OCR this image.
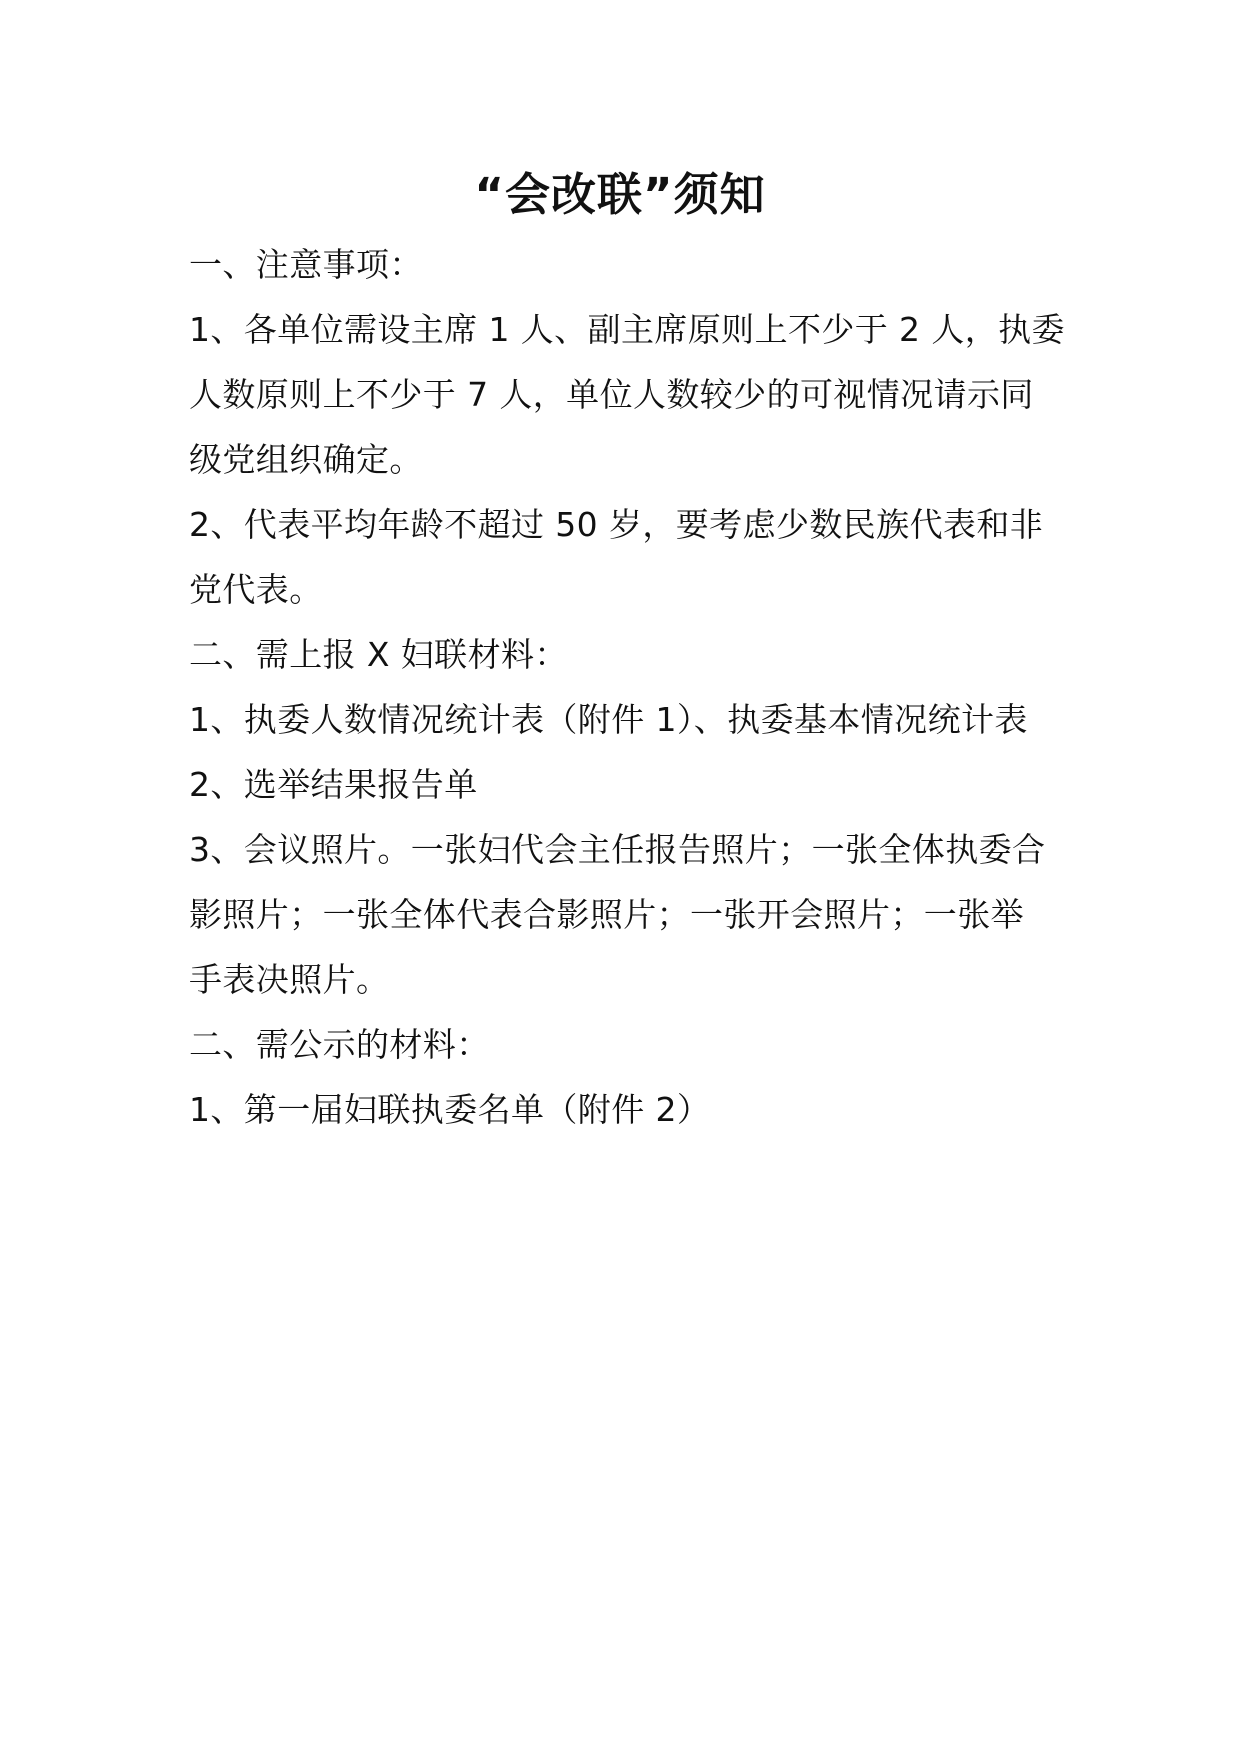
“会改联”须知
一、注意事项：
1、各单位需设主席 1 人、副主席原则上不少于 2 人，执委
人数原则上不少于 7 人，单位人数较少的可视情况请示同
级党组织确定。
2、代表平均年龄不超过 50 岁，要考虑少数民族代表和非
党代表。
二、需上报 X 妇联材料：
1、执委人数情况统计表（附件 1）、执委基本情况统计表
2、选举结果报告单
3、会议照片。一张妇代会主任报告照片；一张全体执委合
影照片；一张全体代表合影照片；一张开会照片；一张举
手表决照片。
二、需公示的材料：
1、第一届妇联执委名单（附件 2）
